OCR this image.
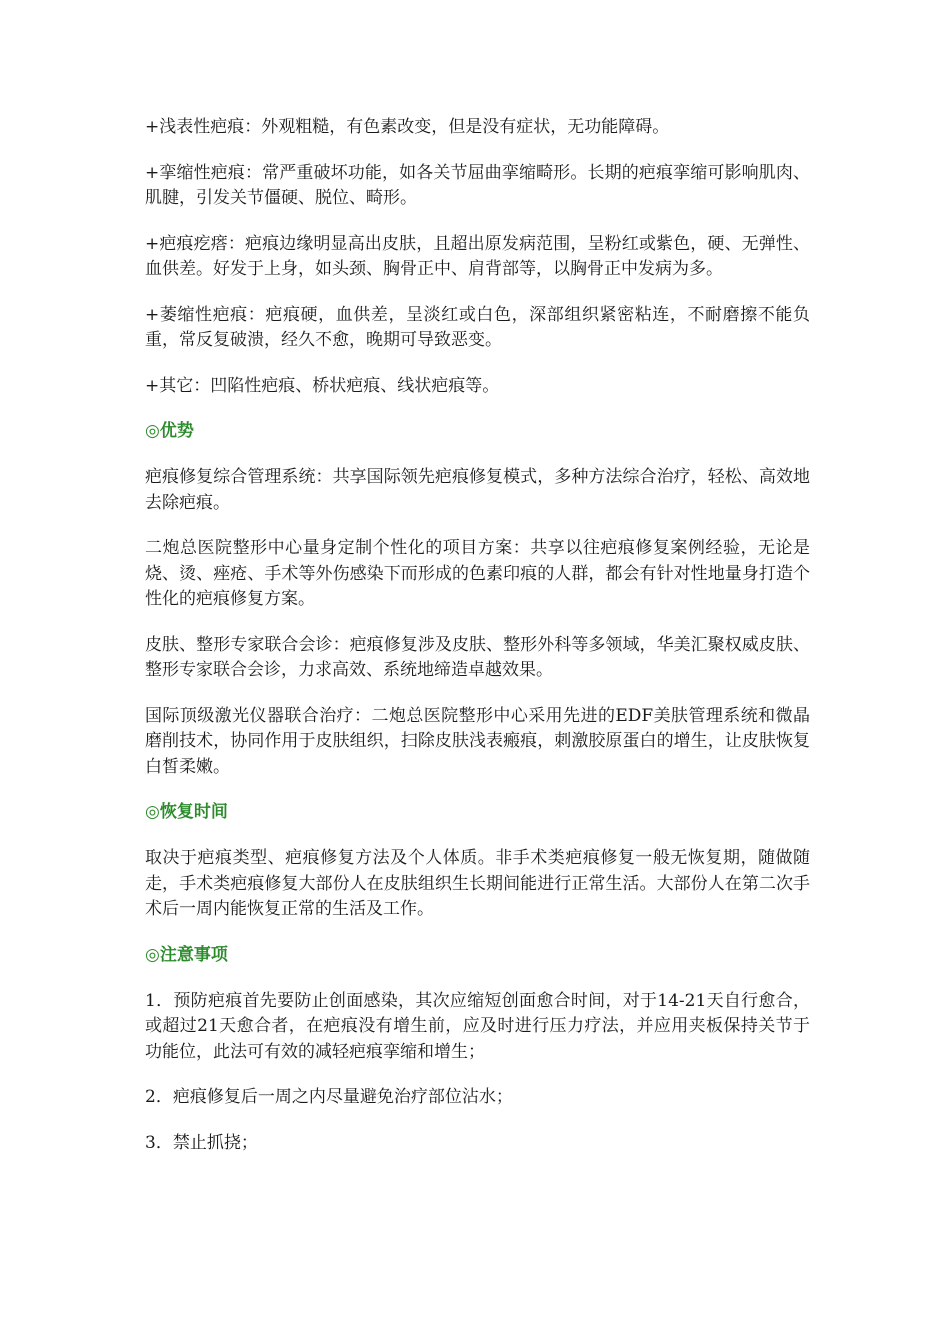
+浅表性疤痕：外观粗糙，有色素改变，但是没有症状，无功能障碍。

+挛缩性疤痕：常严重破坏功能，如各关节屈曲挛缩畸形。长期的疤痕挛缩可影响肌肉、肌腱，引发关节僵硬、脱位、畸形。

+疤痕疙瘩：疤痕边缘明显高出皮肤，且超出原发病范围，呈粉红或紫色，硬、无弹性、血供差。好发于上身，如头颈、胸骨正中、肩背部等，以胸骨正中发病为多。

+萎缩性疤痕：疤痕硬，血供差，呈淡红或白色，深部组织紧密粘连，不耐磨擦不能负重，常反复破溃，经久不愈，晚期可导致恶变。

+其它：凹陷性疤痕、桥状疤痕、线状疤痕等。

◎优势

疤痕修复综合管理系统：共享国际领先疤痕修复模式，多种方法综合治疗，轻松、高效地去除疤痕。

二炮总医院整形中心量身定制个性化的项目方案：共享以往疤痕修复案例经验，无论是烧、烫、痤疮、手术等外伤感染下而形成的色素印痕的人群，都会有针对性地量身打造个性化的疤痕修复方案。

皮肤、整形专家联合会诊：疤痕修复涉及皮肤、整形外科等多领域，华美汇聚权威皮肤、整形专家联合会诊，力求高效、系统地缔造卓越效果。

国际顶级激光仪器联合治疗：二炮总医院整形中心采用先进的EDF美肤管理系统和微晶磨削技术，协同作用于皮肤组织，扫除皮肤浅表瘢痕，刺激胶原蛋白的增生，让皮肤恢复白皙柔嫩。

◎恢复时间

取决于疤痕类型、疤痕修复方法及个人体质。非手术类疤痕修复一般无恢复期，随做随走，手术类疤痕修复大部份人在皮肤组织生长期间能进行正常生活。大部份人在第二次手术后一周内能恢复正常的生活及工作。

◎注意事项

1．预防疤痕首先要防止创面感染，其次应缩短创面愈合时间，对于14-21天自行愈合，或超过21天愈合者，在疤痕没有增生前，应及时进行压力疗法，并应用夹板保持关节于功能位，此法可有效的减轻疤痕挛缩和增生；

2．疤痕修复后一周之内尽量避免治疗部位沾水；

3．禁止抓挠；
